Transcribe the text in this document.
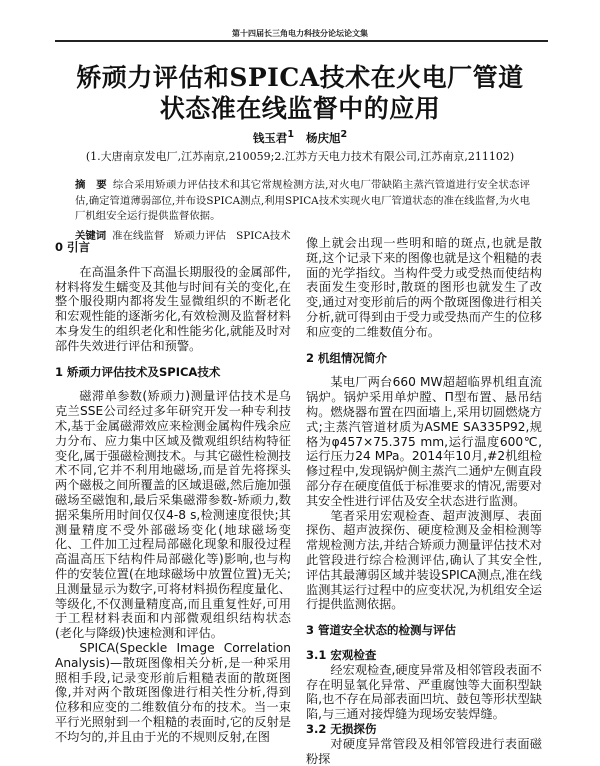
第十四届长三角电力科技分论坛论文集
矫顽力评估和SPICA技术在火电厂管道
状态准在线监督中的应用
钱玉君$^1$ 杨庆旭$^2$
(1.大唐南京发电厂,江苏南京,210059;2.江苏方天电力技术有限公司,江苏南京,211102)
摘　要 综合采用矫顽力评估技术和其它常规检测方法,对火电厂带缺陷主蒸汽管道进行安全状态评估,确定管道薄弱部位,并布设SPICA测点,利用SPICA技术实现火电厂管道状态的准在线监督,为火电厂机组安全运行提供监督依据。
关键词 准在线监督 矫顽力评估 SPICA技术
0 引言

在高温条件下高温长期服役的金属部件,材料将发生蠕变及其他与时间有关的变化,在整个服役期内都将发生显微组织的不断老化和宏观性能的逐渐劣化,有效检测及监督材料本身发生的组织老化和性能劣化,就能及时对部件失效进行评估和预警。

1 矫顽力评估技术及SPICA技术

磁滞单参数(矫顽力)测量评估技术是乌克兰SSE公司经过多年研究开发一种专利技术,基于金属磁滞效应来检测金属构件残余应力分布、应力集中区域及微观组织结构特征变化,属于强磁检测技术。与其它磁性检测技术不同,它并不利用地磁场,而是首先将探头两个磁极之间所覆盖的区域退磁,然后施加强磁场至磁饱和,最后采集磁滞参数-矫顽力,数据采集所用时间仅仅4-8 s,检测速度很快;其测量精度不受外部磁场变化(地球磁场变化、工件加工过程局部磁化现象和服役过程高温高压下结构件局部磁化等)影响,也与构件的安装位置(在地球磁场中放置位置)无关;且测量显示为数字,可将材料损伤程度量化、等级化,不仅测量精度高,而且重复性好,可用于工程材料表面和内部微观组织结构状态(老化与降级)快速检测和评估。

SPICA(Speckle Image Correlation Analysis)—散斑图像相关分析,是一种采用照相手段,记录变形前后粗糙表面的散斑图像,并对两个散斑图像进行相关性分析,得到位移和应变的二维数值分布的技术。当一束平行光照射到一个粗糙的表面时,它的反射是不均匀的,并且由于光的不规则反射,在图

像上就会出现一些明和暗的斑点,也就是散斑,这个记录下来的图像也就是这个粗糙的表面的光学指纹。当构件受力或受热而使结构表面发生变形时,散斑的图形也就发生了改变,通过对变形前后的两个散斑图像进行相关分析,就可得到由于受力或受热而产生的位移和应变的二维数值分布。

2 机组情况简介

某电厂两台660 MW超超临界机组直流锅炉。锅炉采用单炉膛、Π型布置、悬吊结构。燃烧器布置在四面墙上,采用切圆燃烧方式;主蒸汽管道材质为ASME SA335P92,规格为φ457×75.375 mm,运行温度600℃,运行压力24 MPa。2014年10月,#2机组检修过程中,发现锅炉侧主蒸汽二通炉左侧直段部分存在硬度值低于标准要求的情况,需要对其安全性进行评估及安全状态进行监测。

笔者采用宏观检查、超声波测厚、表面探伤、超声波探伤、硬度检测及金相检测等常规检测方法,并结合矫顽力测量评估技术对此管段进行综合检测评估,确认了其安全性,评估其最薄弱区域并装设SPICA测点,准在线监测其运行过程中的应变状况,为机组安全运行提供监测依据。

3 管道安全状态的检测与评估
3.1 宏观检查

经宏观检查,硬度异常及相邻管段表面不存在明显氧化异常、严重腐蚀等大面积型缺陷,也不存在局部表面凹坑、鼓包等形状型缺陷,与三通对接焊缝为现场安装焊缝。

3.2 无损探伤

对硬度异常管段及相邻管段进行表面磁粉探
